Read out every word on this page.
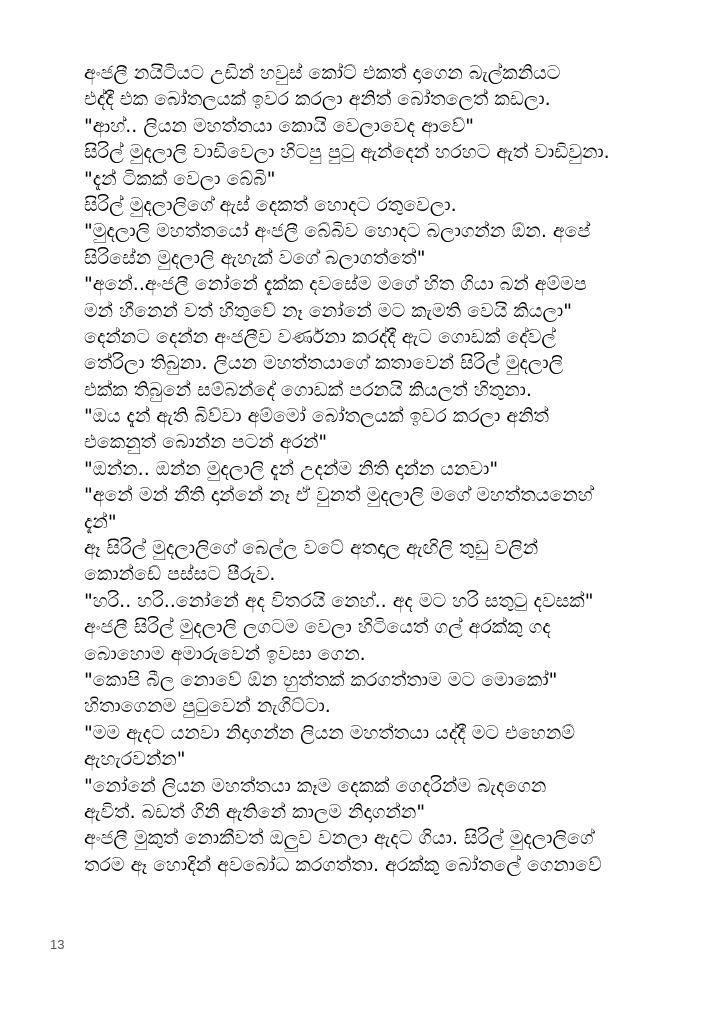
අංජලී නයිටියට උඩින් හවුස් කෝට් එකත් දාගෙන බැල්කනියට
එද්දී එක බෝතලයක් ඉවර කරලා අනිත් බෝතලෙත් කඩලා.
"ආහ්.. ලියන මහත්තයා කොයි වෙලාවෙද ආවේ"
සිරිල් මුදලාලි වාඩිවෙලා හිටපු පුටු ඇන්දෙන් හරහට ඇත් වාඩිවුනා.
"දැන් ටිකක් වෙලා බේබි"
සිරිල් මුදලාලිගේ ඇස් දෙකත් හොදට රතුවෙලා.
"මුදලාලි මහත්තයෝ අංජලී බේබිව හොදට බලාගන්න ඕන. අපේ
සිරිසේන මුදලාලි ඇහැක් වගේ බලාගත්තේ"
"අනේ..අංජලී නෝනේ දැක්ක දවසේම මගේ හිත ගියා බන් අම්මප
මන් හීනෙන් වත් හිතුවේ නෑ නෝනේ මට කැමති වෙයි කියලා"
දෙන්නට දෙන්න අංජලීව වර්ණනා කරද්දී ඇට ගොඩක් දේවල්
තේරිලා තිබුනා. ලියන මහත්තයාගේ කතාවෙන් සිරිල් මුදලාලි
එක්ක තිබුනේ සම්බන්දේ ගොඩක් පරනයි කියලත් හිතුනා.
"ඔය දැන් ඇති බිව්වා අම්මෝ බෝතලයක් ඉවර කරලා අනිත්
එකෙනුත් බොන්න පටන් අරන්"
"ඔන්න.. ඔන්න මුදලාලි දැන් උදන්ම නිති දාන්න යනවා"
"අනේ මන් නීති දාන්නේ නෑ ඒ වුනත් මුදලාලි මගේ මහත්තයනෙහ්
දැන්"
ඈ සිරිල් මුදලාලිගේ බෙල්ල වටේ අතදාල ඇඟිලි තුඩු වලින්
කොන්ඩේ පස්සට පීරුව.
"හරි.. හරි..නෝනේ අද විතරයි නෙහ්.. අද මට හරි සතුටු දවසක්"
අංජලී සිරිල් මුදලාලි ලගටම වෙලා හිටියෙත් ගල් අරක්කු ගද
බොහොම අමාරුවෙන් ඉවසා ගෙන.
"කොපි බීල නොවේ ඕන හුත්තක් කරගත්තාම මට මොකෝ"
හිතාගෙනම පුටුවෙන් නැගිට්ටා.
"මම ඇදට යනවා නිදාගන්න ලියන මහත්තයා යද්දී මට එහෙනම්
ඇහැරවන්න"
"නෝනේ ලියන මහත්තයා කෑම දෙකක් ගෙදරින්ම බැදගෙන
ඇවිත්. බඩත් ගිනි ඇතිනේ කාලම නිදාගන්න"
අංජලී මුකුත් නොකීවත් ඔලුව වනලා ඇදට ගියා. සිරිල් මුදලාලිගේ
තරම ඈ හොදින් අවබෝධ කරගත්තා. අරක්කු බෝතලේ ගෙනාවේ
13
